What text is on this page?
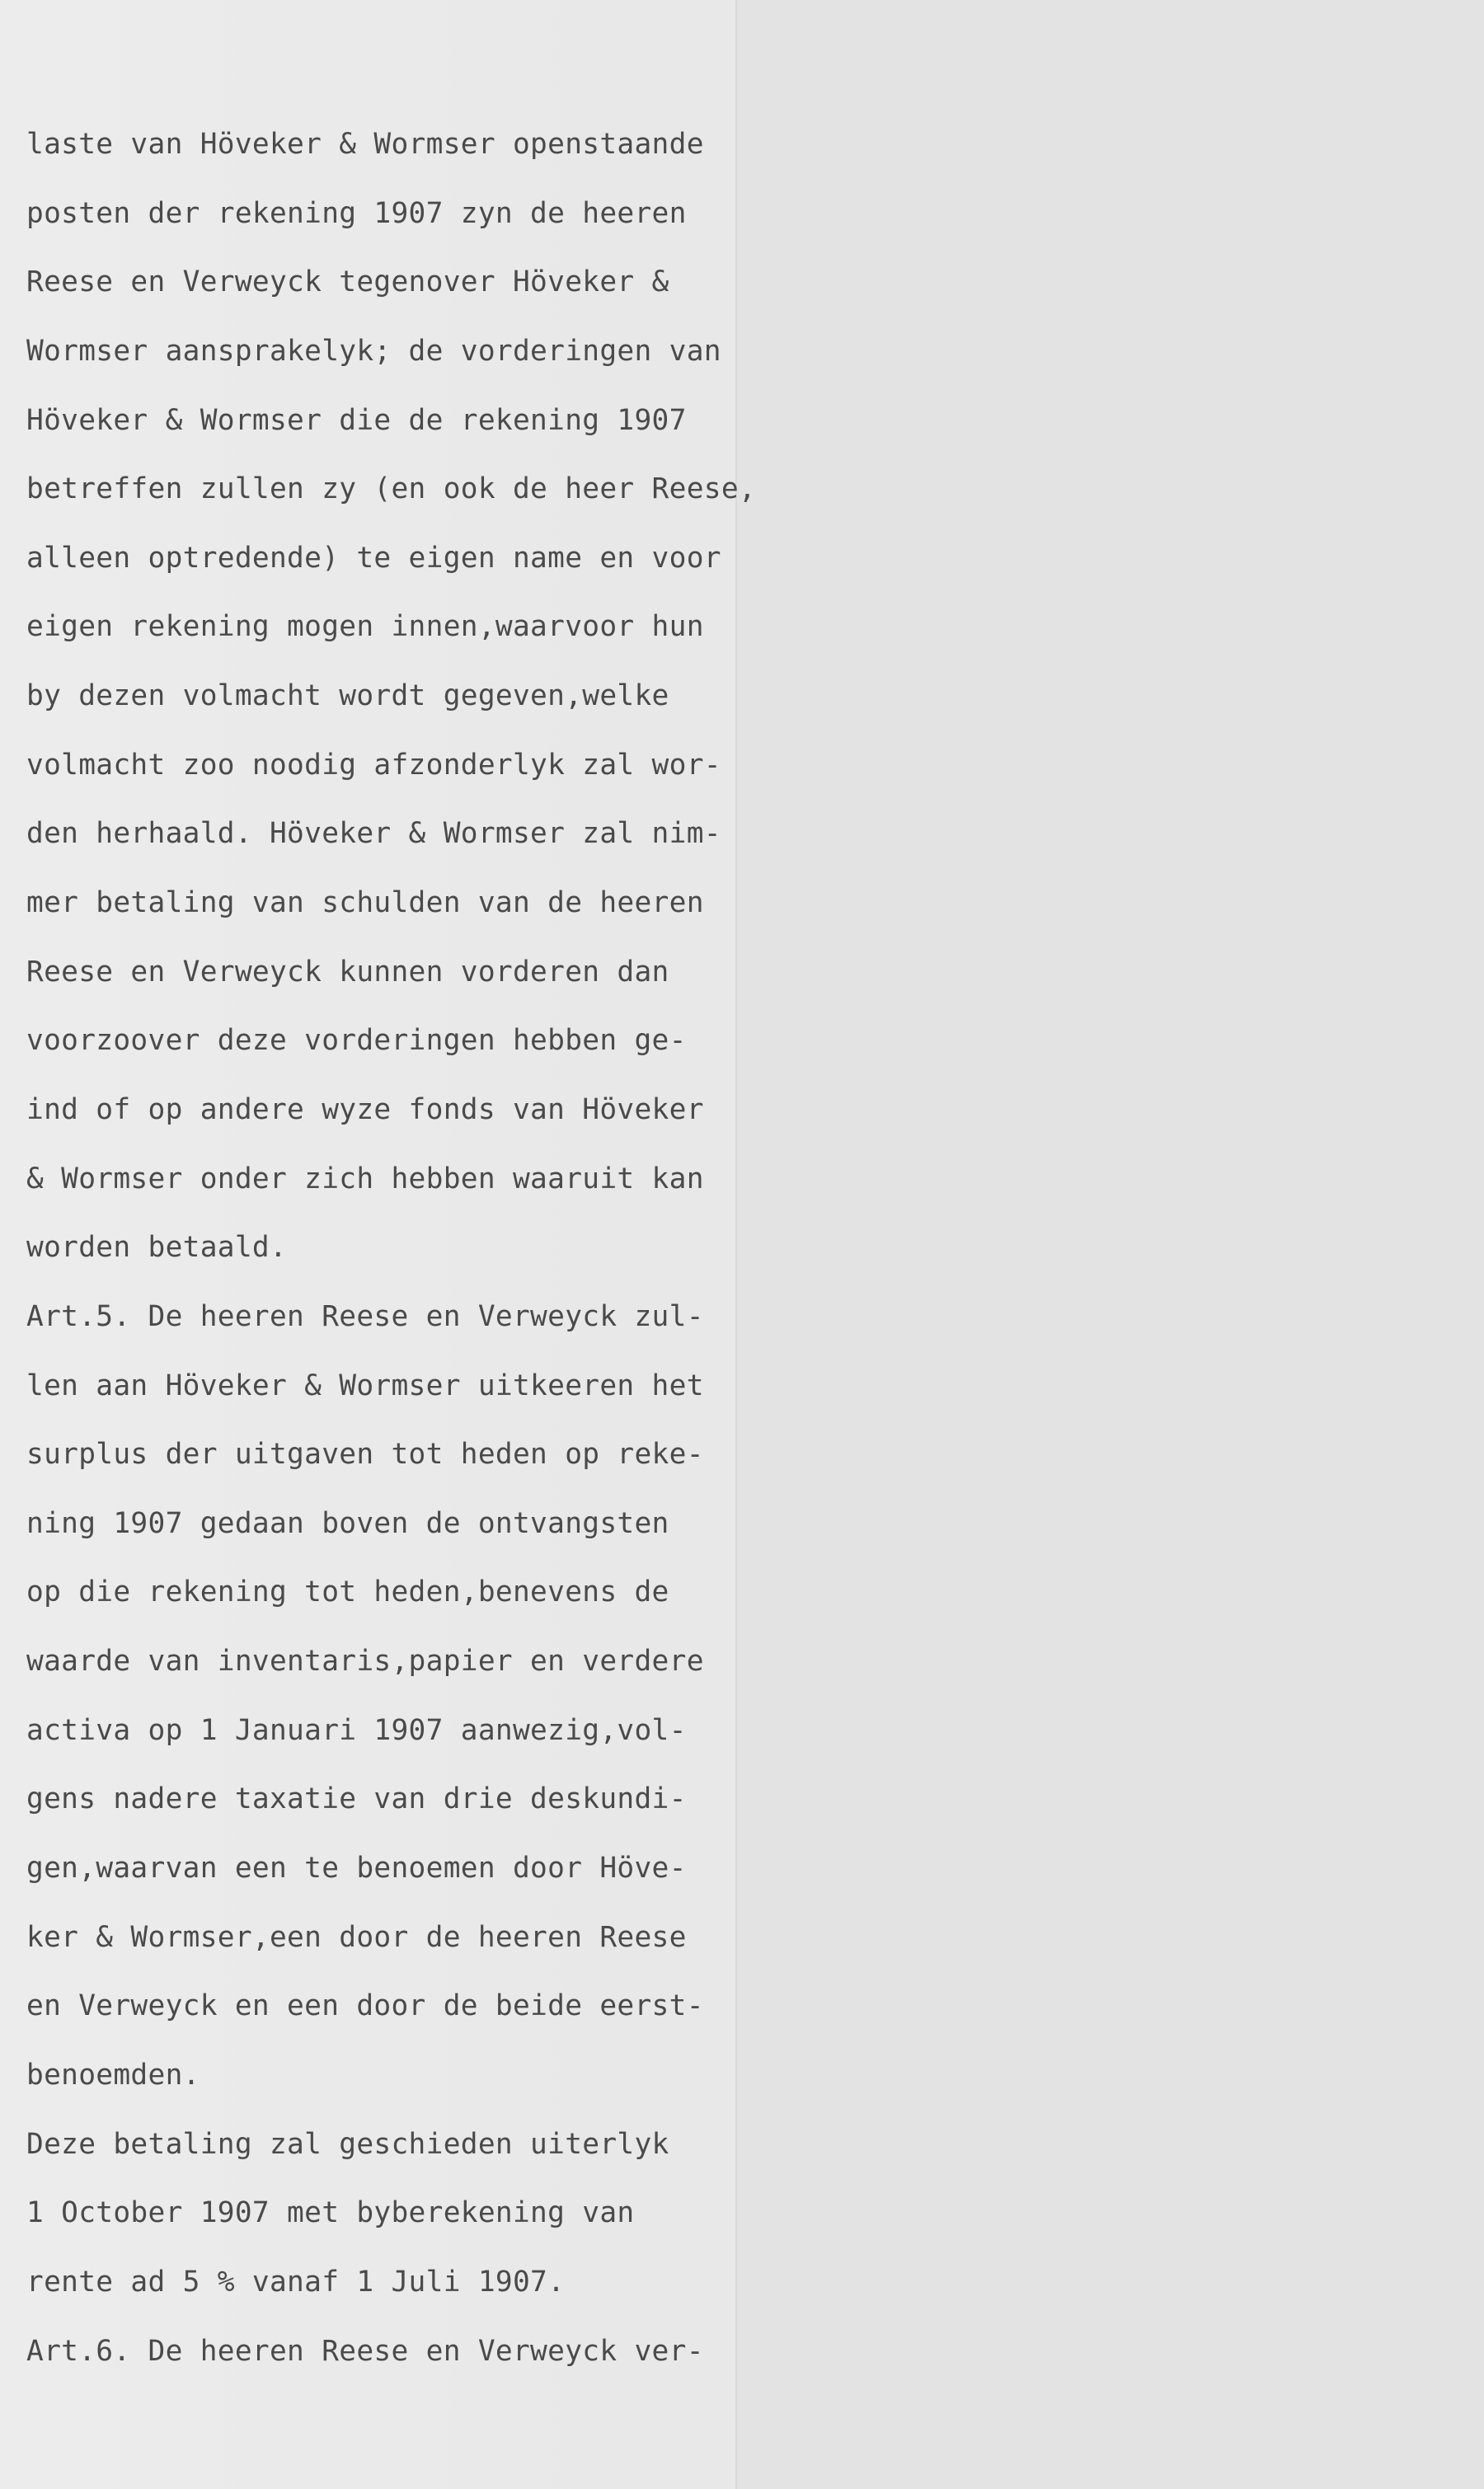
laste van Höveker & Wormser openstaande
posten der rekening 1907 zyn de heeren
Reese en Verweyck tegenover Höveker &
Wormser aansprakelyk; de vorderingen van
Höveker & Wormser die de rekening 1907
betreffen zullen zy (en ook de heer Reese,
alleen optredende) te eigen name en voor
eigen rekening mogen innen,waarvoor hun
by dezen volmacht wordt gegeven,welke
volmacht zoo noodig afzonderlyk zal wor-
den herhaald. Höveker & Wormser zal nim-
mer betaling van schulden van de heeren
Reese en Verweyck kunnen vorderen dan
voorzoover deze vorderingen hebben ge-
ind of op andere wyze fonds van Höveker
& Wormser onder zich hebben waaruit kan
worden betaald.
Art.5. De heeren Reese en Verweyck zul-
len aan Höveker & Wormser uitkeeren het
surplus der uitgaven tot heden op reke-
ning 1907 gedaan boven de ontvangsten
op die rekening tot heden,benevens de
waarde van inventaris,papier en verdere
activa op 1 Januari 1907 aanwezig,vol-
gens nadere taxatie van drie deskundi-
gen,waarvan een te benoemen door Höve-
ker & Wormser,een door de heeren Reese
en Verweyck en een door de beide eerst-
benoemden.
Deze betaling zal geschieden uiterlyk
1 October 1907 met byberekening van
rente ad 5 % vanaf 1 Juli 1907.
Art.6. De heeren Reese en Verweyck ver-
